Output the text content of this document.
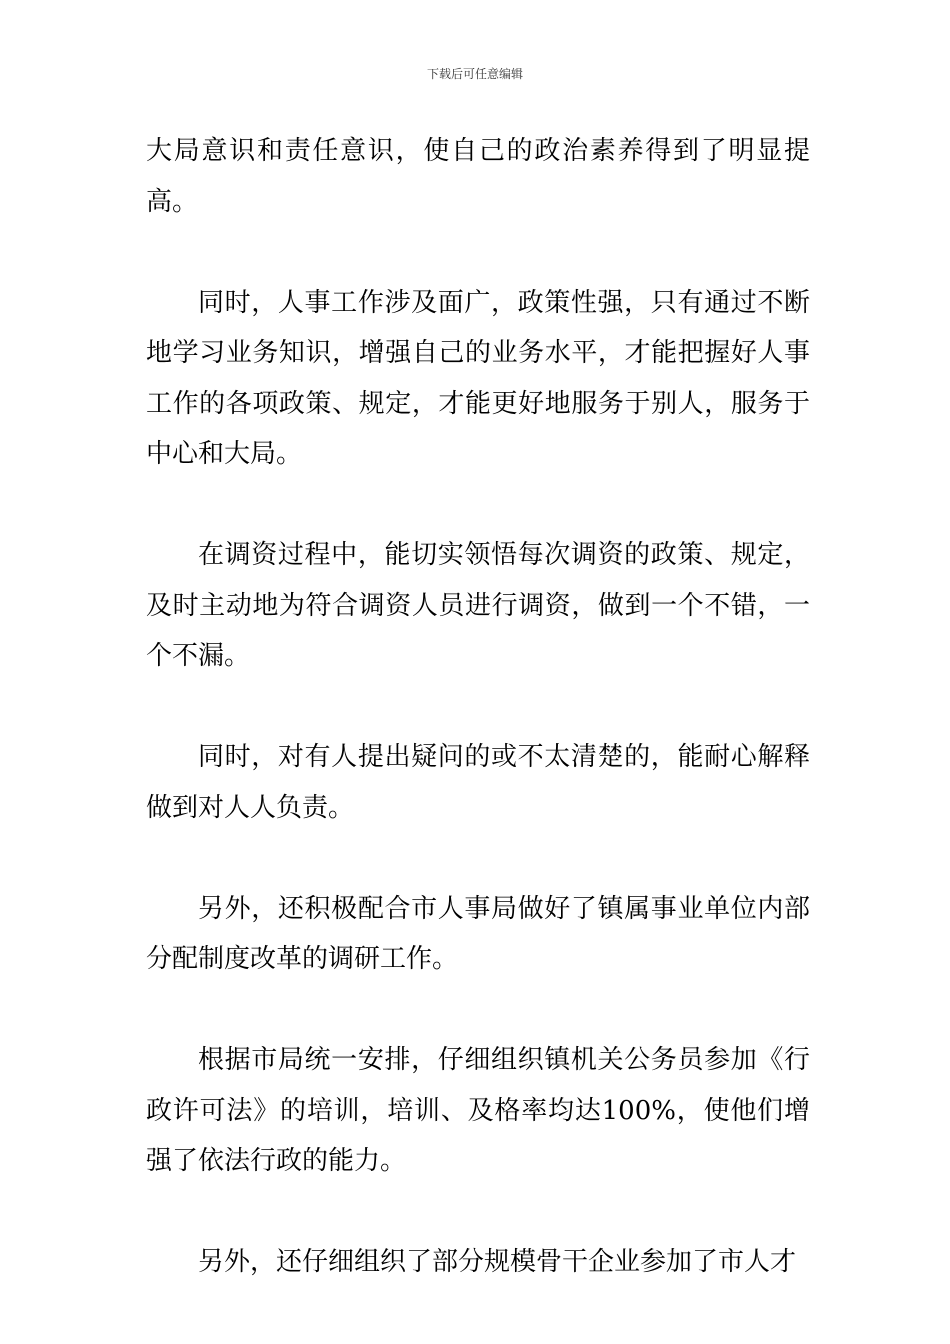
下载后可任意编辑

大局意识和责任意识，使自己的政治素养得到了明显提高。

同时，人事工作涉及面广，政策性强，只有通过不断地学习业务知识，增强自己的业务水平，才能把握好人事工作的各项政策、规定，才能更好地服务于别人，服务于中心和大局。

在调资过程中，能切实领悟每次调资的政策、规定，及时主动地为符合调资人员进行调资，做到一个不错，一个不漏。

同时，对有人提出疑问的或不太清楚的，能耐心解释做到对人人负责。

另外，还积极配合市人事局做好了镇属事业单位内部分配制度改革的调研工作。

根据市局统一安排，仔细组织镇机关公务员参加《行政许可法》的培训，培训、及格率均达100%，使他们增强了依法行政的能力。

另外，还仔细组织了部分规模骨干企业参加了市人才
